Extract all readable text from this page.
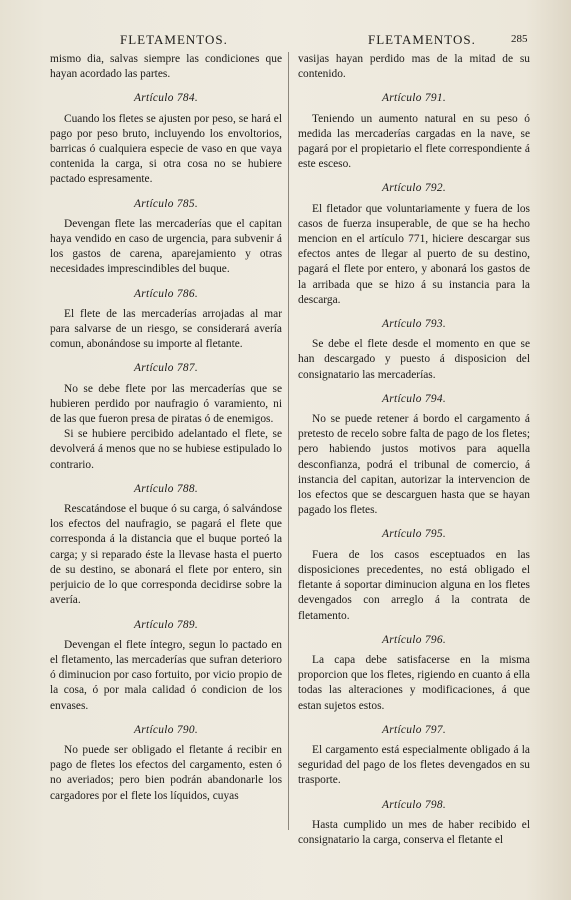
FLETAMENTOS.	FLETAMENTOS.	285

mismo dia, salvas siempre las condiciones que hayan acordado las partes.

Artículo 784.

Cuando los fletes se ajusten por peso, se hará el pago por peso bruto, incluyendo los envoltorios, barricas ó cualquiera especie de vaso en que vaya contenida la carga, si otra cosa no se hubiere pactado espresamente.

Artículo 785.

Devengan flete las mercaderías que el capitan haya vendido en caso de urgencia, para subvenir á los gastos de carena, aparejamiento y otras necesidades imprescindibles del buque.

Artículo 786.

El flete de las mercaderías arrojadas al mar para salvarse de un riesgo, se considerará avería comun, abonándose su importe al fletante.

Artículo 787.

No se debe flete por las mercaderías que se hubieren perdido por naufragio ó varamiento, ni de las que fueron presa de piratas ó de enemigos.

Si se hubiere percibido adelantado el flete, se devolverá á menos que no se hubiese estipulado lo contrario.

Artículo 788.

Rescatándose el buque ó su carga, ó salvándose los efectos del naufragio, se pagará el flete que corresponda á la distancia que el buque porteó la carga; y si reparado éste la llevase hasta el puerto de su destino, se abonará el flete por entero, sin perjuicio de lo que corresponda decidirse sobre la avería.

Artículo 789.

Devengan el flete íntegro, segun lo pactado en el fletamento, las mercaderías que sufran deterioro ó diminucion por caso fortuito, por vicio propio de la cosa, ó por mala calidad ó condicion de los envases.

Artículo 790.

No puede ser obligado el fletante á recibir en pago de fletes los efectos del cargamento, esten ó no averiados; pero bien podrán abandonarle los cargadores por el flete los líquidos, cuyas

vasijas hayan perdido mas de la mitad de su contenido.

Artículo 791.

Teniendo un aumento natural en su peso ó medida las mercaderías cargadas en la nave, se pagará por el propietario el flete correspondiente á este esceso.

Artículo 792.

El fletador que voluntariamente y fuera de los casos de fuerza insuperable, de que se ha hecho mencion en el artículo 771, hiciere descargar sus efectos antes de llegar al puerto de su destino, pagará el flete por entero, y abonará los gastos de la arribada que se hizo á su instancia para la descarga.

Artículo 793.

Se debe el flete desde el momento en que se han descargado y puesto á disposicion del consignatario las mercaderías.

Artículo 794.

No se puede retener á bordo el cargamento á pretesto de recelo sobre falta de pago de los fletes; pero habiendo justos motivos para aquella desconfianza, podrá el tribunal de comercio, á instancia del capitan, autorizar la intervencion de los efectos que se descarguen hasta que se hayan pagado los fletes.

Artículo 795.

Fuera de los casos esceptuados en las disposiciones precedentes, no está obligado el fletante á soportar diminucion alguna en los fletes devengados con arreglo á la contrata de fletamento.

Artículo 796.

La capa debe satisfacerse en la misma proporcion que los fletes, rigiendo en cuanto á ella todas las alteraciones y modificaciones, á que estan sujetos estos.

Artículo 797.

El cargamento está especialmente obligado á la seguridad del pago de los fletes devengados en su trasporte.

Artículo 798.

Hasta cumplido un mes de haber recibido el consignatario la carga, conserva el fletante el
